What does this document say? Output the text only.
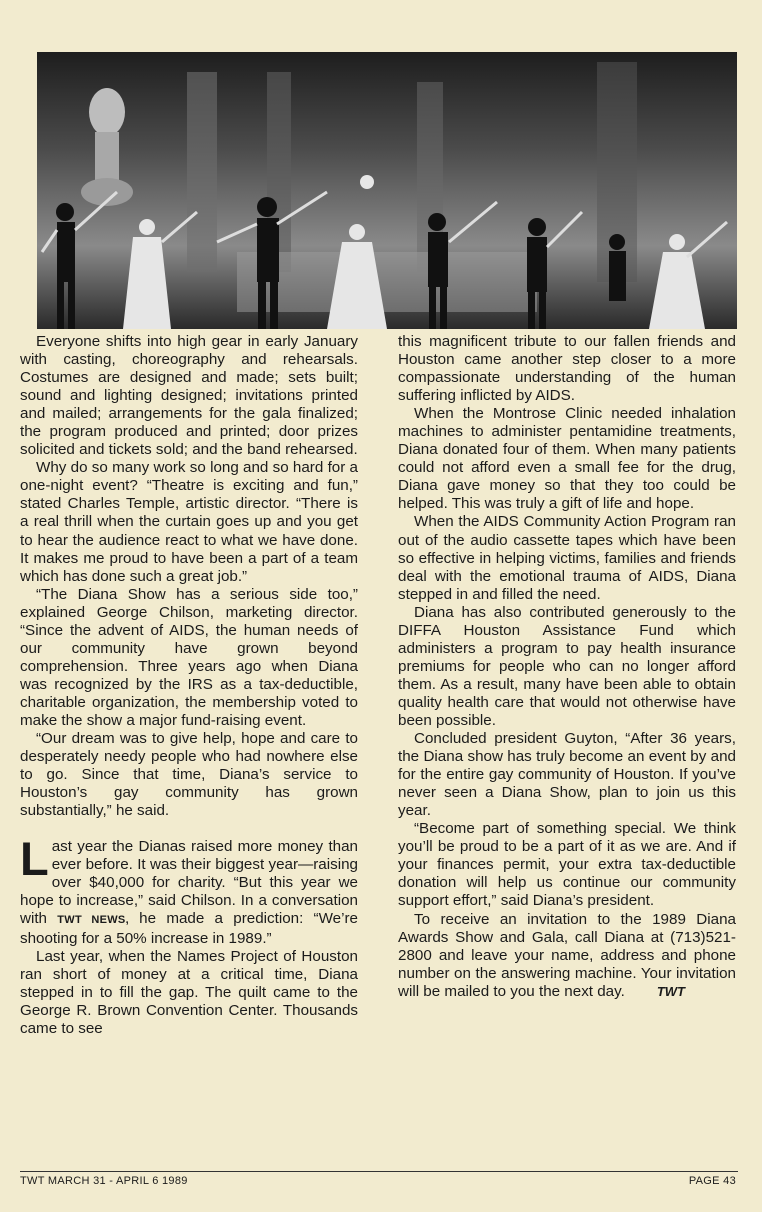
Everyone shifts into high gear in early January with casting, choreography and rehearsals. Costumes are designed and made; sets built; sound and lighting designed; invitations printed and mailed; arrangements for the gala finalized; the program produced and printed; door prizes solicited and tickets sold; and the band rehearsed.

Why do so many work so long and so hard for a one-night event? “Theatre is exciting and fun,” stated Charles Temple, artistic director. “There is a real thrill when the curtain goes up and you get to hear the audience react to what we have done. It makes me proud to have been a part of a team which has done such a great job.”

“The Diana Show has a serious side too,” explained George Chilson, marketing director. “Since the advent of AIDS, the human needs of our community have grown beyond comprehension. Three years ago when Diana was recognized by the IRS as a tax-deductible, charitable organization, the membership voted to make the show a major fund-raising event.

“Our dream was to give help, hope and care to desperately needy people who had nowhere else to go. Since that time, Diana’s service to Houston’s gay community has grown substantially,” he said.

Last year the Dianas raised more money than ever before. It was their biggest year—raising over $40,000 for charity. “But this year we hope to increase,” said Chilson. In a conversation with TWT NEWS, he made a prediction: “We’re shooting for a 50% increase in 1989.”

Last year, when the Names Project of Houston ran short of money at a critical time, Diana stepped in to fill the gap. The quilt came to the George R. Brown Convention Center. Thousands came to see

this magnificent tribute to our fallen friends and Houston came another step closer to a more compassionate understanding of the human suffering inflicted by AIDS.

When the Montrose Clinic needed inhalation machines to administer pentamidine treatments, Diana donated four of them. When many patients could not afford even a small fee for the drug, Diana gave money so that they too could be helped. This was truly a gift of life and hope.

When the AIDS Community Action Program ran out of the audio cassette tapes which have been so effective in helping victims, families and friends deal with the emotional trauma of AIDS, Diana stepped in and filled the need.

Diana has also contributed generously to the DIFFA Houston Assistance Fund which administers a program to pay health insurance premiums for people who can no longer afford them. As a result, many have been able to obtain quality health care that would not otherwise have been possible.

Concluded president Guyton, “After 36 years, the Diana show has truly become an event by and for the entire gay community of Houston. If you’ve never seen a Diana Show, plan to join us this year.

“Become part of something special. We think you’ll be proud to be a part of it as we are. And if your finances permit, your extra tax-deductible donation will help us continue our community support effort,” said Diana’s president.

To receive an invitation to the 1989 Diana Awards Show and Gala, call Diana at (713)521-2800 and leave your name, address and phone number on the answering machine. Your invitation will be mailed to you the next day. TWT

TWT MARCH 31 - APRIL 6 1989	PAGE 43
